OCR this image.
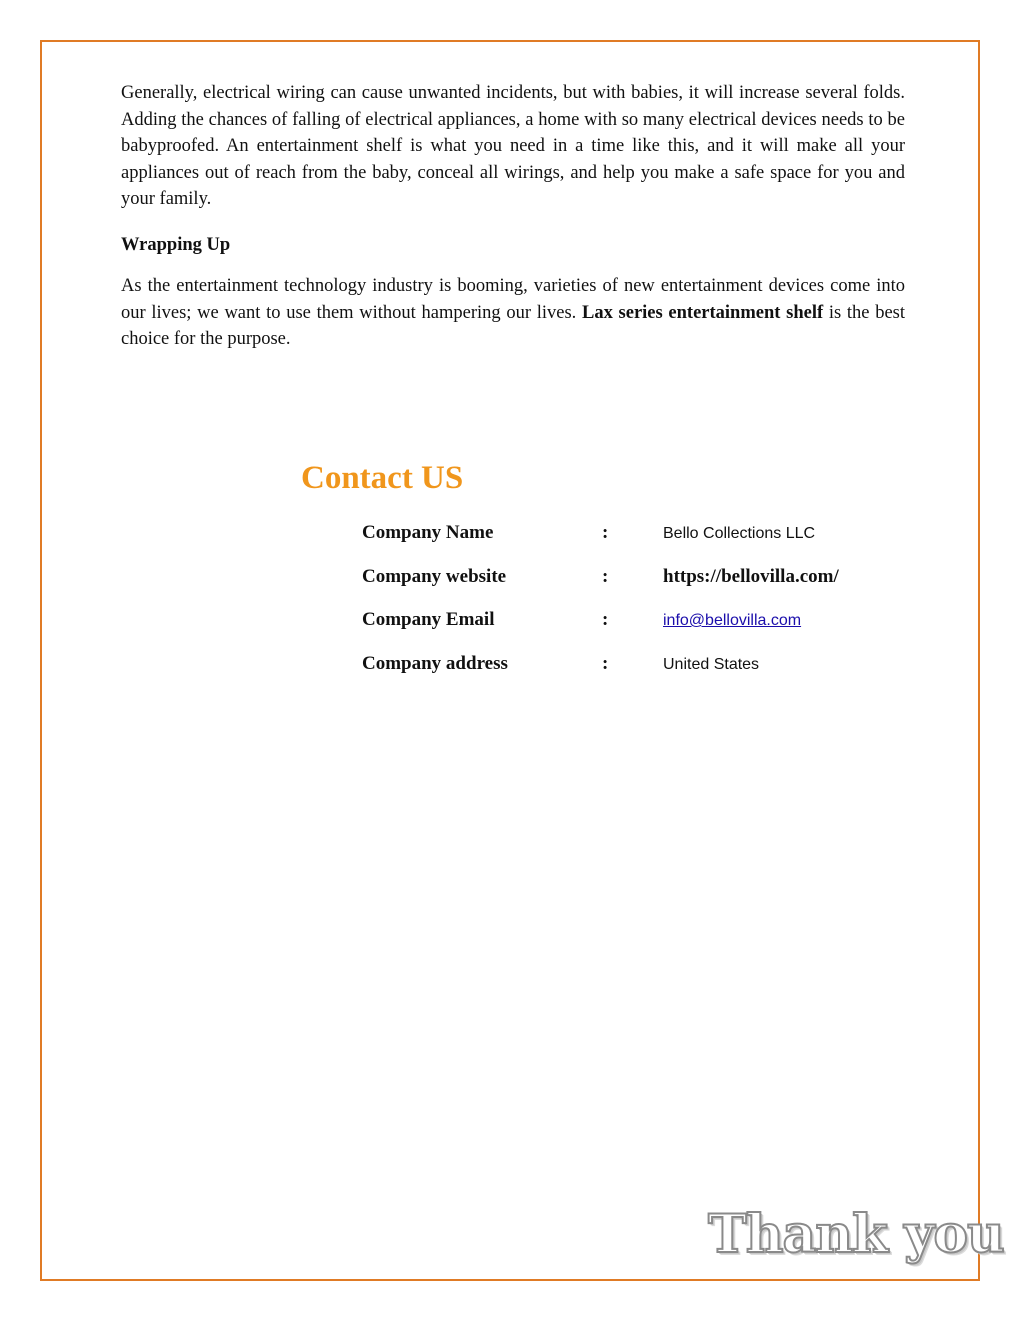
Generally, electrical wiring can cause unwanted incidents, but with babies, it will increase several folds. Adding the chances of falling of electrical appliances, a home with so many electrical devices needs to be babyproofed. An entertainment shelf is what you need in a time like this, and it will make all your appliances out of reach from the baby, conceal all wirings, and help you make a safe space for you and your family.

Wrapping Up

As the entertainment technology industry is booming, varieties of new entertainment devices come into our lives; we want to use them without hampering our lives. Lax series entertainment shelf is the best choice for the purpose.

Contact US
Company Name	:	Bello Collections LLC
Company website	:	https://bellovilla.com/
Company Email	:	info@bellovilla.com
Company address	:	United States
Thank you
